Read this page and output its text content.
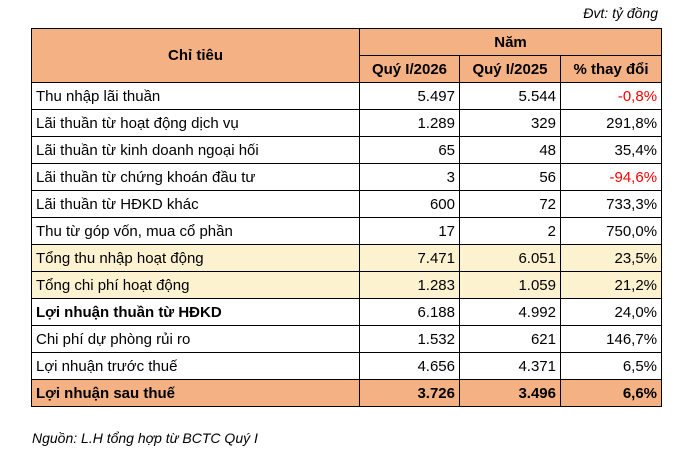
Đvt: tỷ đồng
Chỉ tiêu	Năm		
	Quý I/2026	Quý I/2025	% thay đổi
Thu nhập lãi thuần	5.497	5.544	-0,8%
Lãi thuần từ hoạt động dịch vụ	1.289	329	291,8%
Lãi thuần từ kinh doanh ngoại hối	65	48	35,4%
Lãi thuần từ chứng khoán đầu tư	3	56	-94,6%
Lãi thuần từ HĐKD khác	600	72	733,3%
Thu từ góp vốn, mua cổ phần	17	2	750,0%
Tổng thu nhập hoạt động	7.471	6.051	23,5%
Tổng chi phí hoạt động	1.283	1.059	21,2%
Lợi nhuận thuần từ HĐKD	6.188	4.992	24,0%
Chi phí dự phòng rủi ro	1.532	621	146,7%
Lợi nhuận trước thuế	4.656	4.371	6,5%
Lợi nhuận sau thuế	3.726	3.496	6,6%
Nguồn: L.H tổng hợp từ BCTC Quý I
